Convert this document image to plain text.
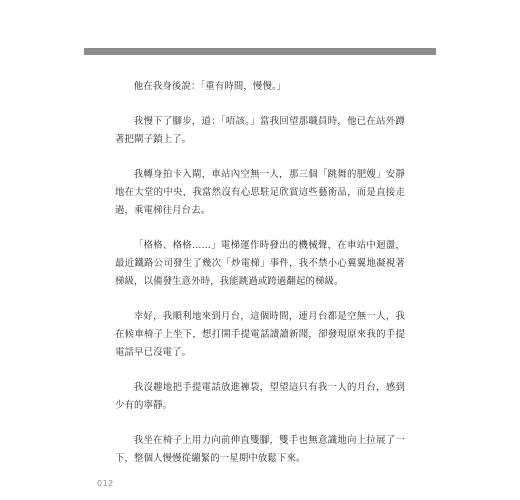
他在我身後說：「重有時間，慢慢。」

我慢下了腳步，道：「唔該。」當我回望那職員時，他已在站外蹲著把閘子鎖上了。

我轉身拍卡入閘，車站內空無一人，那三個「跳舞的肥嫂」安靜地在大堂的中央，我當然沒有心思駐足欣賞這些藝術品，而是直接走過，乘電梯往月台去。

「格格、格格……」電梯運作時發出的機械聲，在車站中迴盪，最近鐵路公司發生了幾次「炒電梯」事件，我不禁小心翼翼地凝視著梯級，以備發生意外時，我能跳過或跨過翻起的梯級。

幸好，我順利地來到月台，這個時間，連月台都是空無一人，我在候車椅子上坐下，想打開手提電話讀讀新聞，卻發現原來我的手提電話早已沒電了。

我沒趣地把手提電話放進褲袋，望望這只有我一人的月台，感到少有的寧靜。

我坐在椅子上用力向前伸直雙腳，雙手也無意識地向上拉展了一下，整個人慢慢從繃緊的一星期中放鬆下來。

012
